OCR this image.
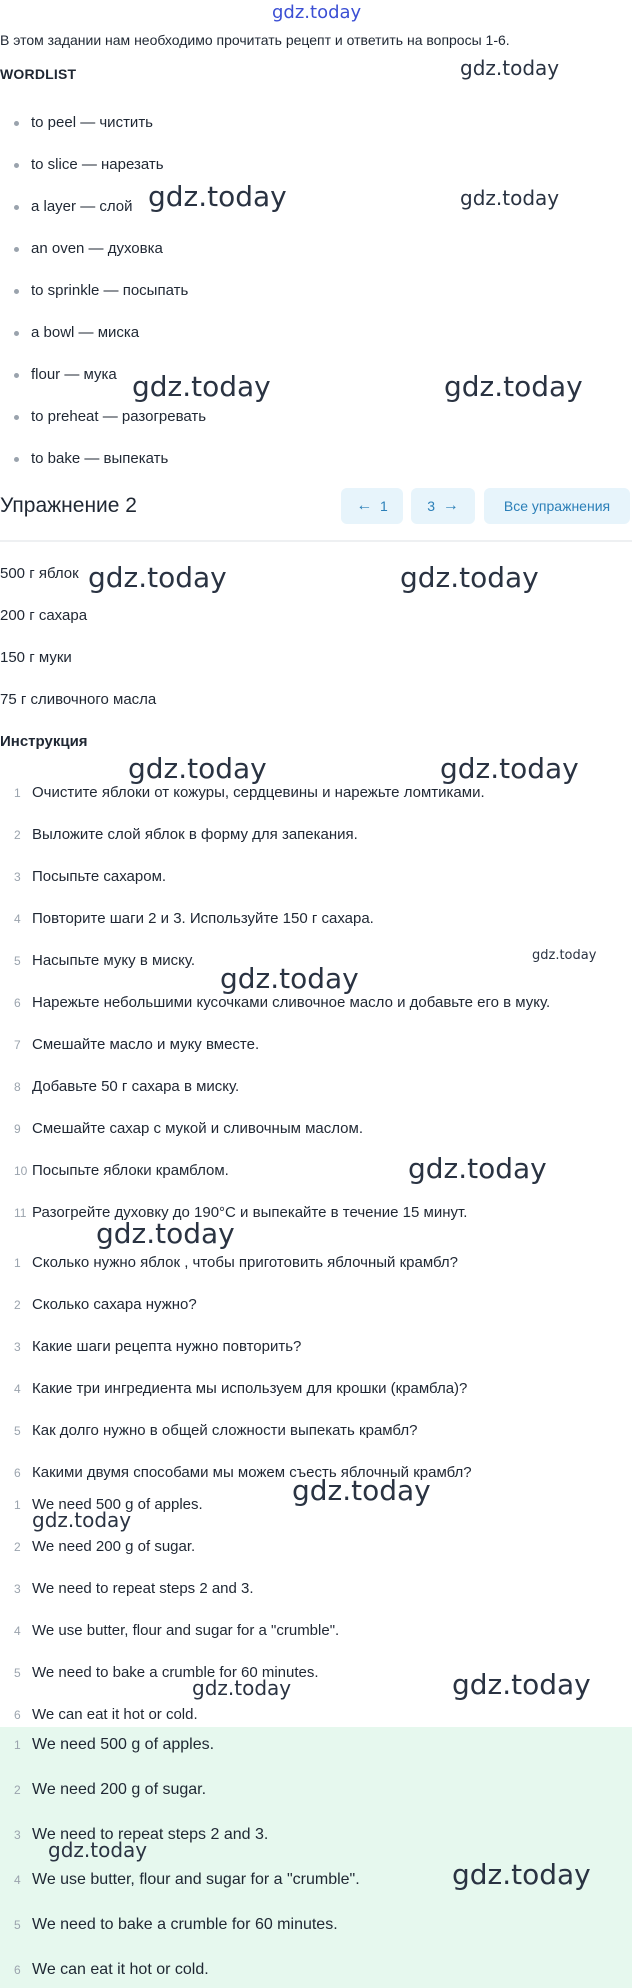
gdz.today
В этом задании нам необходимо прочитать рецепт и ответить на вопросы 1-6.
WORDLIST
to peel — чистить
to slice — нарезать
a layer — слой
an oven — духовка
to sprinkle — посыпать
a bowl — миска
flour — мука
to preheat — разогревать
to bake — выпекать
Упражнение 2	←
1	3
→	Все упражнения
500 г яблок
200 г сахара
150 г муки
75 г сливочного масла
Инструкция
1 Очистите яблоки от кожуры, сердцевины и нарежьте ломтиками.
2 Выложите слой яблок в форму для запекания.
3 Посыпьте сахаром.
4 Повторите шаги 2 и 3. Используйте 150 г сахара.
5 Насыпьте муку в миску.
6 Нарежьте небольшими кусочками сливочное масло и добавьте его в муку.
7 Смешайте масло и муку вместе.
8 Добавьте 50 г сахара в миску.
9 Смешайте сахар с мукой и сливочным маслом.
10 Посыпьте яблоки крамблом.
11 Разогрейте духовку до 190°C и выпекайте в течение 15 минут.
1 Сколько нужно яблок , чтобы приготовить яблочный крамбл?
2 Сколько сахара нужно?
3 Какие шаги рецепта нужно повторить?
4 Какие три ингредиента мы используем для крошки (крамбла)?
5 Как долго нужно в общей сложности выпекать крамбл?
6 Какими двумя способами мы можем съесть яблочный крамбл?
1 We need 500 g of apples.
2 We need 200 g of sugar.
3 We need to repeat steps 2 and 3.
4 We use butter, flour and sugar for a "crumble".
5 We need to bake a crumble for 60 minutes.
6 We can eat it hot or cold.
1 We need 500 g of apples.
2 We need 200 g of sugar.
3 We need to repeat steps 2 and 3.
4 We use butter, flour and sugar for a "crumble".
5 We need to bake a crumble for 60 minutes.
6 We can eat it hot or cold.
gdz.today
gdz.today	gdz.today
gdz.today	gdz.today
gdz.today	gdz.today
gdz.today	gdz.today
gdz.today
gdz.today
gdz.today
gdz.today
gdz.today
gdz.today
gdz.today	gdz.today
gdz.today
gdz.today
